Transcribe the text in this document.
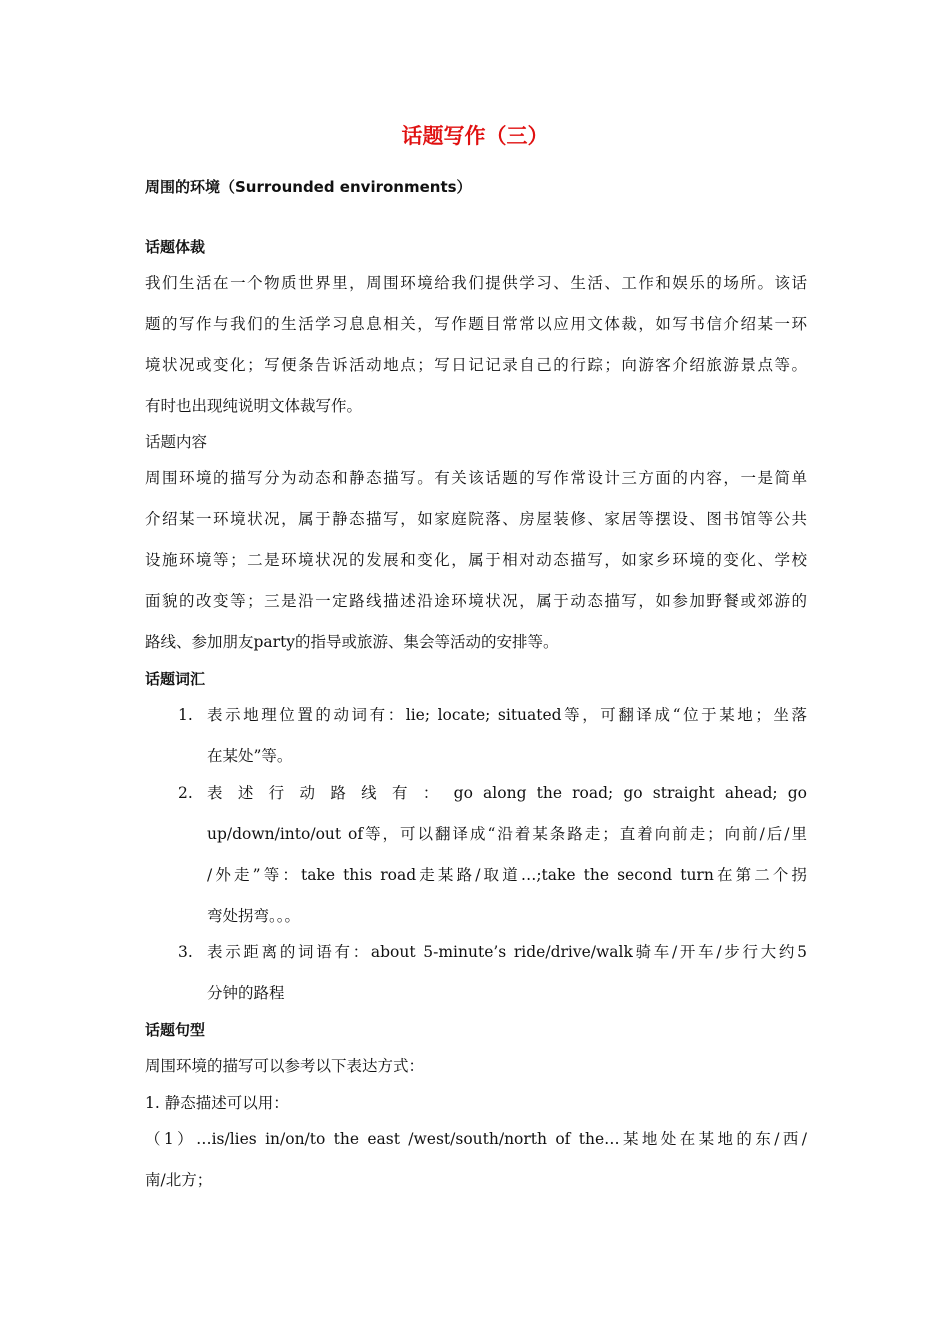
话题写作（三）
周围的环境（Surrounded environments）
话题体裁
我们生活在一个物质世界里，周围环境给我们提供学习、生活、工作和娱乐的场所。该话
题的写作与我们的生活学习息息相关，写作题目常常以应用文体裁，如写书信介绍某一环
境状况或变化；写便条告诉活动地点；写日记记录自己的行踪；向游客介绍旅游景点等。
有时也出现纯说明文体裁写作。
话题内容
周围环境的描写分为动态和静态描写。有关该话题的写作常设计三方面的内容，一是简单
介绍某一环境状况，属于静态描写，如家庭院落、房屋装修、家居等摆设、图书馆等公共
设施环境等；二是环境状况的发展和变化，属于相对动态描写，如家乡环境的变化、学校
面貌的改变等；三是沿一定路线描述沿途环境状况，属于动态描写，如参加野餐或郊游的
路线、参加朋友party的指导或旅游、集会等活动的安排等。
话题词汇
1. 表示地理位置的动词有：lie; locate; situated等，可翻译成“位于某地；坐落
在某处”等。
2. 表 述 行 动 路 线 有 ： go along the road; go straight ahead; go
up/down/into/out of等，可以翻译成“沿着某条路走；直着向前走；向前/后/里
/外走”等：take this road走某路/取道…;take the second turn在第二个拐
弯处拐弯。。。
3. 表示距离的词语有：about 5-minute’s ride/drive/walk骑车/开车/步行大约5
分钟的路程
话题句型
周围环境的描写可以参考以下表达方式：
1. 静态描述可以用：
（1）…is/lies in/on/to the east /west/south/north of the…某地处在某地的东/西/
南/北方；
